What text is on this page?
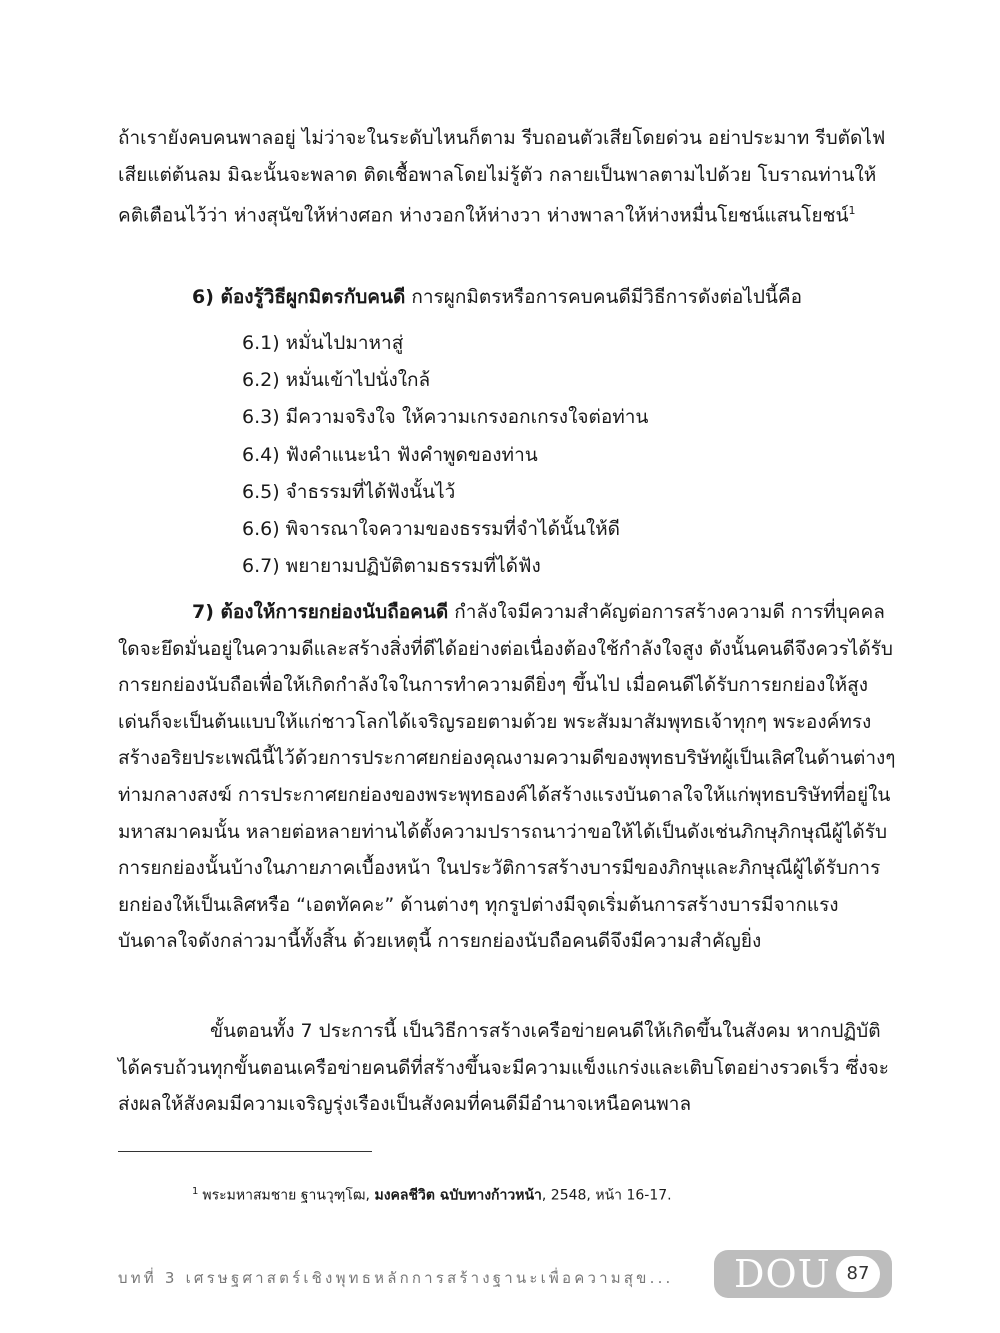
ถ้าเรายังคบคนพาลอยู่ ไม่ว่าจะในระดับไหนก็ตาม รีบถอนตัวเสียโดยด่วน อย่าประมาท รีบตัดไฟเสียแต่ต้นลม มิฉะนั้นจะพลาด ติดเชื้อพาลโดยไม่รู้ตัว กลายเป็นพาลตามไปด้วย โบราณท่านให้คติเตือนไว้ว่า ห่างสุนัขให้ห่างศอก ห่างวอกให้ห่างวา ห่างพาลาให้ห่างหมื่นโยชน์แสนโยชน์$^1$

6) ต้องรู้วิธีผูกมิตรกับคนดี การผูกมิตรหรือการคบคนดีมีวิธีการดังต่อไปนี้คือ

6.1) หมั่นไปมาหาสู่
6.2) หมั่นเข้าไปนั่งใกล้
6.3) มีความจริงใจ ให้ความเกรงอกเกรงใจต่อท่าน
6.4) ฟังคำแนะนำ ฟังคำพูดของท่าน
6.5) จำธรรมที่ได้ฟังนั้นไว้
6.6) พิจารณาใจความของธรรมที่จำได้นั้นให้ดี
6.7) พยายามปฏิบัติตามธรรมที่ได้ฟัง

7) ต้องให้การยกย่องนับถือคนดี กำลังใจมีความสำคัญต่อการสร้างความดี การที่บุคคลใดจะยึดมั่นอยู่ในความดีและสร้างสิ่งที่ดีได้อย่างต่อเนื่องต้องใช้กำลังใจสูง ดังนั้นคนดีจึงควรได้รับการยกย่องนับถือเพื่อให้เกิดกำลังใจในการทำความดียิ่งๆ ขึ้นไป เมื่อคนดีได้รับการยกย่องให้สูงเด่นก็จะเป็นต้นแบบให้แก่ชาวโลกได้เจริญรอยตามด้วย พระสัมมาสัมพุทธเจ้าทุกๆ พระองค์ทรงสร้างอริยประเพณีนี้ไว้ด้วยการประกาศยกย่องคุณงามความดีของพุทธบริษัทผู้เป็นเลิศในด้านต่างๆ ท่ามกลางสงฆ์ การประกาศยกย่องของพระพุทธองค์ได้สร้างแรงบันดาลใจให้แก่พุทธบริษัทที่อยู่ในมหาสมาคมนั้น หลายต่อหลายท่านได้ตั้งความปรารถนาว่าขอให้ได้เป็นดังเช่นภิกษุภิกษุณีผู้ได้รับการยกย่องนั้นบ้างในภายภาคเบื้องหน้า ในประวัติการสร้างบารมีของภิกษุและภิกษุณีผู้ได้รับการยกย่องให้เป็นเลิศหรือ “เอตทัคคะ” ด้านต่างๆ ทุกรูปต่างมีจุดเริ่มต้นการสร้างบารมีจากแรงบันดาลใจดังกล่าวมานี้ทั้งสิ้น ด้วยเหตุนี้ การยกย่องนับถือคนดีจึงมีความสำคัญยิ่ง

ขั้นตอนทั้ง 7 ประการนี้ เป็นวิธีการสร้างเครือข่ายคนดีให้เกิดขึ้นในสังคม หากปฏิบัติได้ครบถ้วนทุกขั้นตอนเครือข่ายคนดีที่สร้างขึ้นจะมีความแข็งแกร่งและเติบโตอย่างรวดเร็ว ซึ่งจะส่งผลให้สังคมมีความเจริญรุ่งเรืองเป็นสังคมที่คนดีมีอำนาจเหนือคนพาล

$^1$ พระมหาสมชาย ฐานวุฑฺโฒ, มงคลชีวิต ฉบับทางก้าวหน้า, 2548, หน้า 16-17.
บทที่ 3 เศรษฐศาสตร์เชิงพุทธหลักการสร้างฐานะเพื่อความสุข... DOU 87
